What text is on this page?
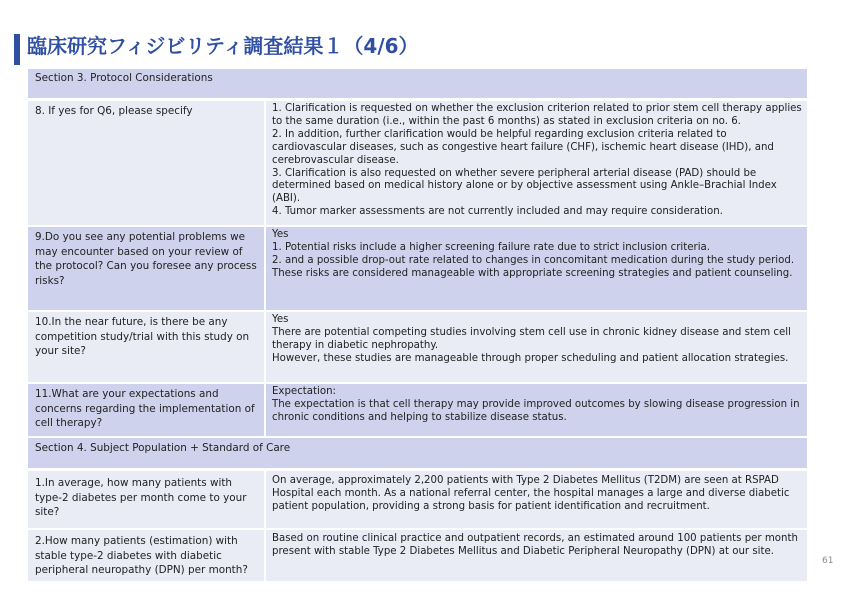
臨床研究フィジビリティ調査結果１（4/6）
Section 3. Protocol Considerations
8. If yes for Q6, please specify	1. Clarification is requested on whether the exclusion criterion related to prior stem cell therapy applies to the same duration (i.e., within the past 6 months) as stated in exclusion criteria on no. 6.
2. In addition, further clarification would be helpful regarding exclusion criteria related to cardiovascular diseases, such as congestive heart failure (CHF), ischemic heart disease (IHD), and cerebrovascular disease.
3. Clarification is also requested on whether severe peripheral arterial disease (PAD) should be determined based on medical history alone or by objective assessment using Ankle–Brachial Index (ABI).
4. Tumor marker assessments are not currently included and may require consideration.
9.Do you see any potential problems we may encounter based on your review of the protocol? Can you foresee any process risks?
Yes
1. Potential risks include a higher screening failure rate due to strict inclusion criteria.
2. and a possible drop-out rate related to changes in concomitant medication during the study period.
These risks are considered manageable with appropriate screening strategies and patient counseling.
10.In the near future, is there be any competition study/trial with this study on your site?
Yes
There are potential competing studies involving stem cell use in chronic kidney disease and stem cell therapy in diabetic nephropathy.
However, these studies are manageable through proper scheduling and patient allocation strategies.
11.What are your expectations and concerns regarding the implementation of cell therapy?
Expectation:
The expectation is that cell therapy may provide improved outcomes by slowing disease progression in chronic conditions and helping to stabilize disease status.
Section 4. Subject Population + Standard of Care
1.In average, how many patients with type-2 diabetes per month come to your site?
On average, approximately 2,200 patients with Type 2 Diabetes Mellitus (T2DM) are seen at RSPAD Hospital each month. As a national referral center, the hospital manages a large and diverse diabetic patient population, providing a strong basis for patient identification and recruitment.
2.How many patients (estimation) with stable type-2 diabetes with diabetic peripheral neuropathy (DPN) per month?
Based on routine clinical practice and outpatient records, an estimated around 100 patients per month present with stable Type 2 Diabetes Mellitus and Diabetic Peripheral Neuropathy (DPN) at our site.
61
